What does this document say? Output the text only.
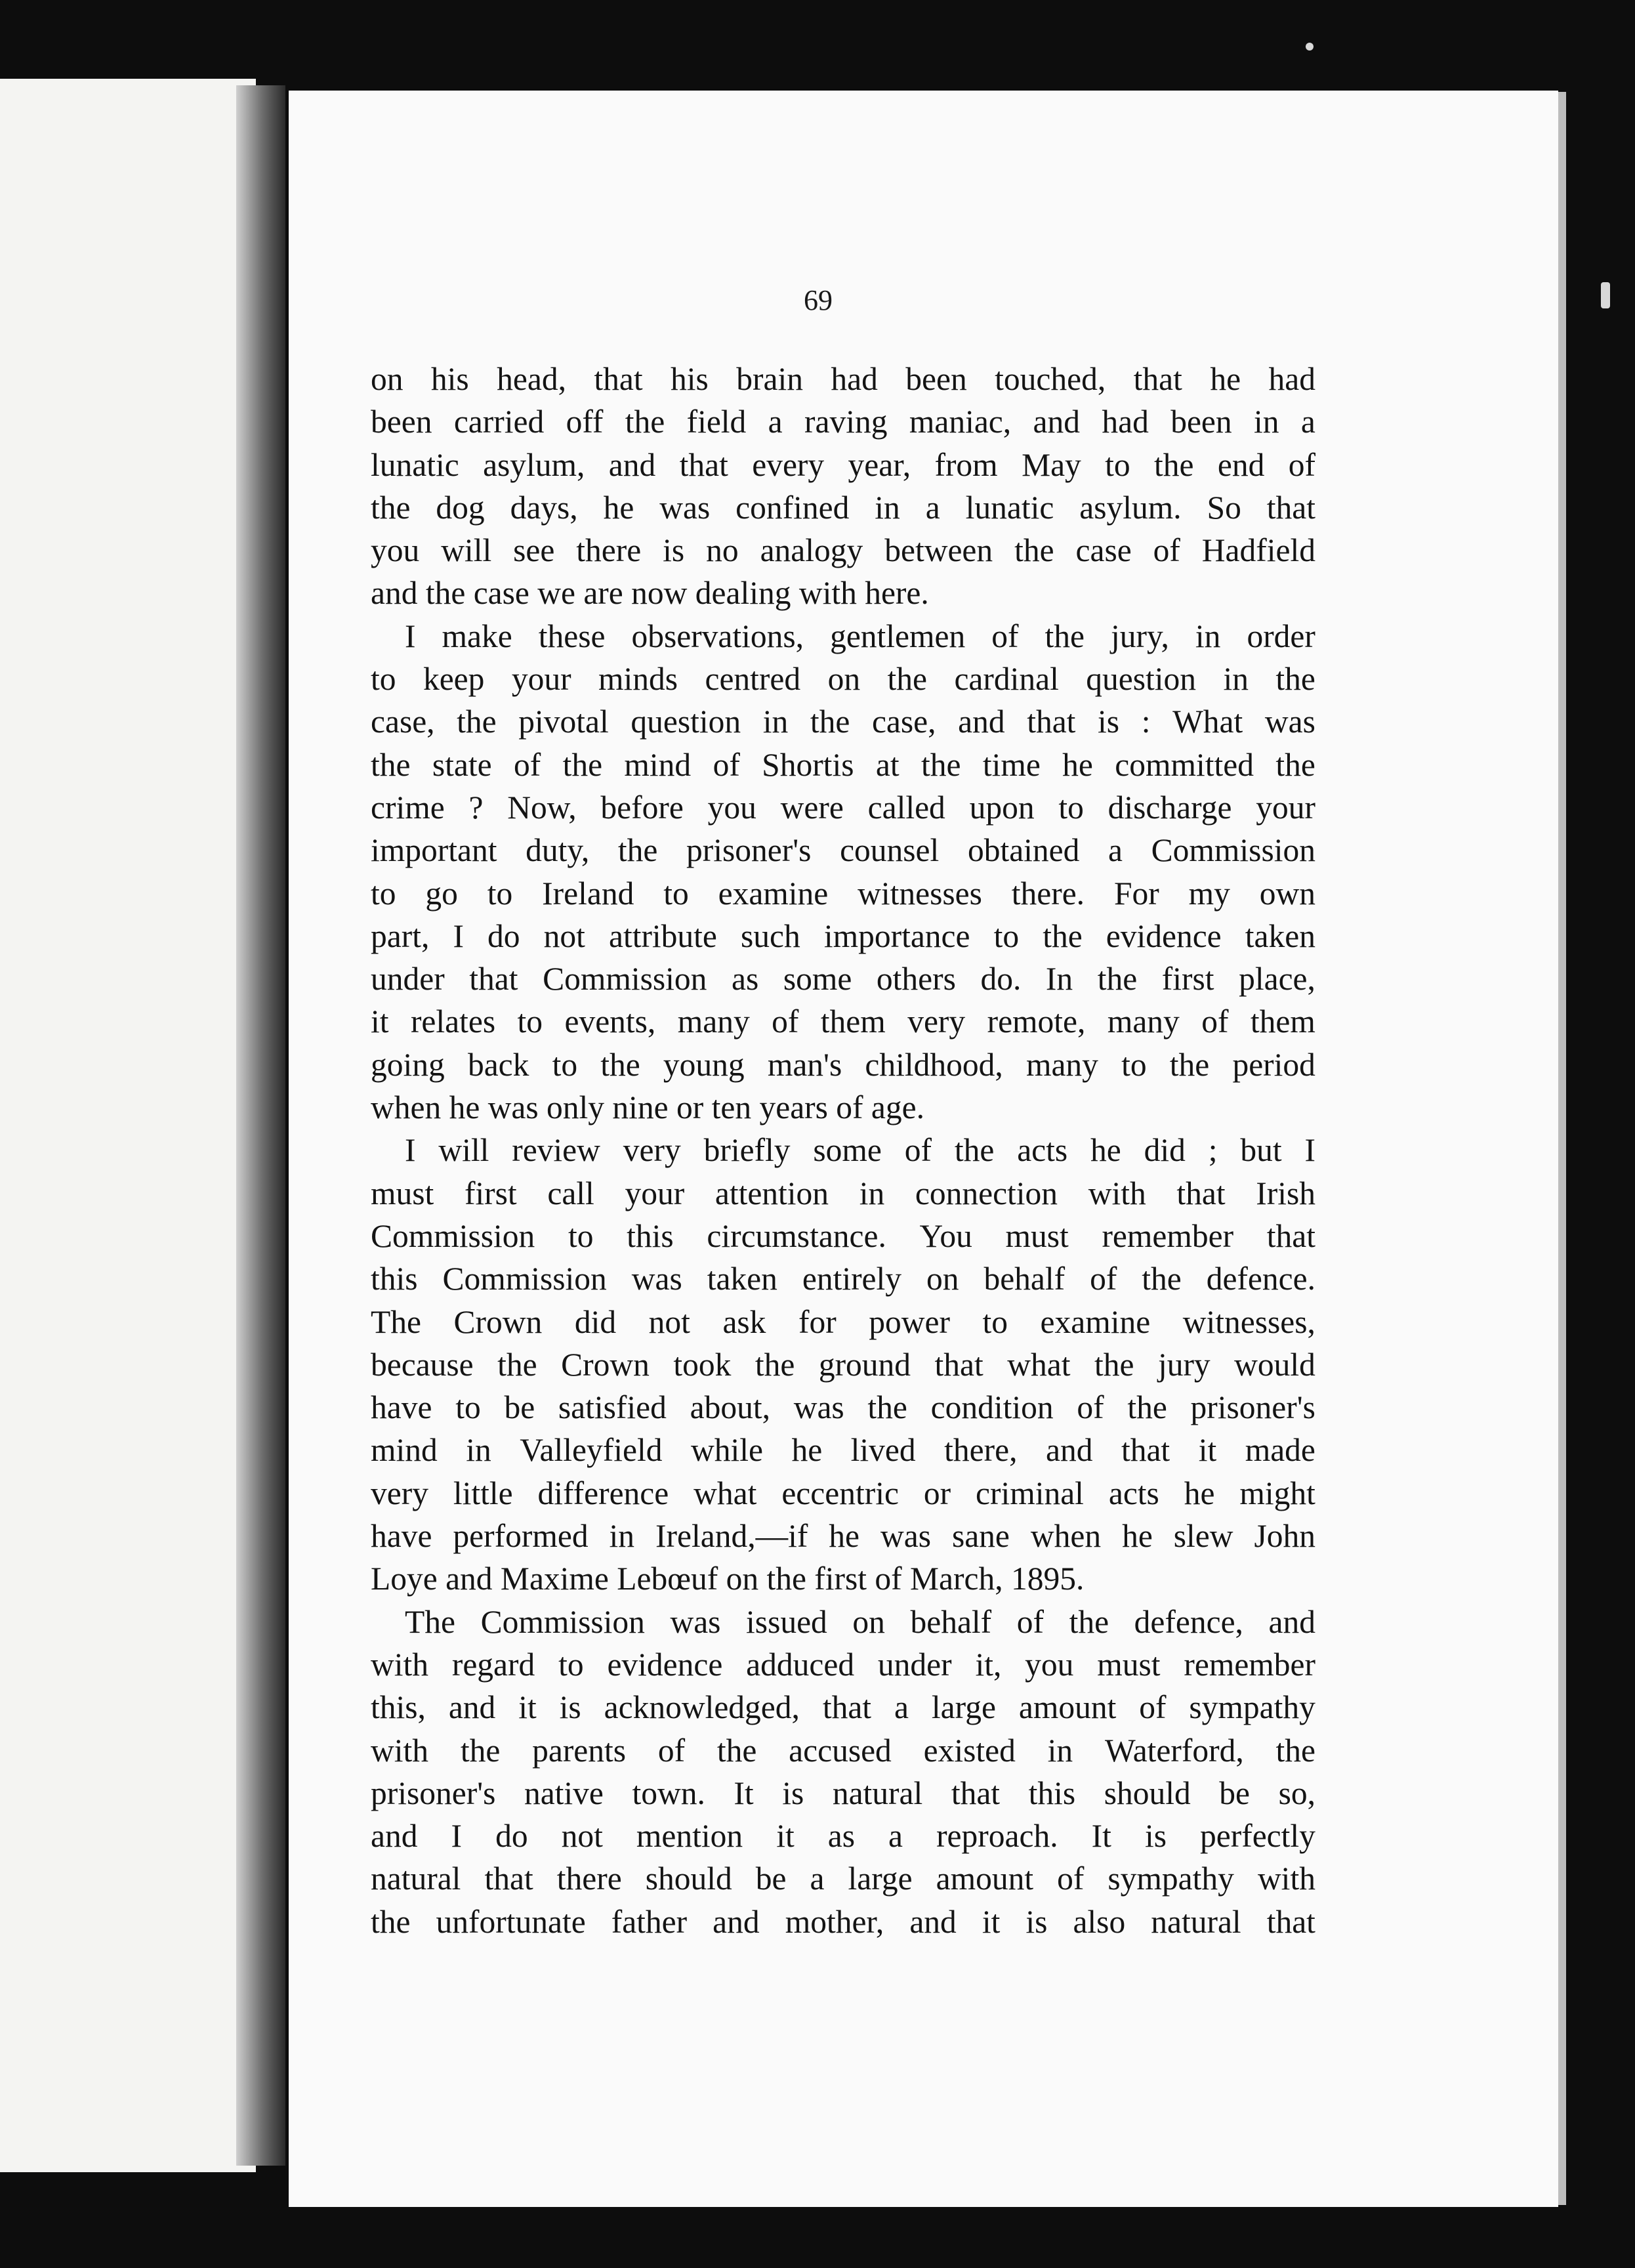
69
on his head, that his brain had been touched, that he had
been carried off the field a raving maniac, and had been in a
lunatic asylum, and that every year, from May to the end of
the dog days, he was confined in a lunatic asylum. So that
you will see there is no analogy between the case of Hadfield
and the case we are now dealing with here.
I make these observations, gentlemen of the jury, in order
to keep your minds centred on the cardinal question in the
case, the pivotal question in the case, and that is : What was
the state of the mind of Shortis at the time he committed the
crime ? Now, before you were called upon to discharge your
important duty, the prisoner's counsel obtained a Commission
to go to Ireland to examine witnesses there. For my own
part, I do not attribute such importance to the evidence taken
under that Commission as some others do. In the first place,
it relates to events, many of them very remote, many of them
going back to the young man's childhood, many to the period
when he was only nine or ten years of age.
I will review very briefly some of the acts he did ; but I
must first call your attention in connection with that Irish
Commission to this circumstance. You must remember that
this Commission was taken entirely on behalf of the defence.
The Crown did not ask for power to examine witnesses,
because the Crown took the ground that what the jury would
have to be satisfied about, was the condition of the prisoner's
mind in Valleyfield while he lived there, and that it made
very little difference what eccentric or criminal acts he might
have performed in Ireland,—if he was sane when he slew John
Loye and Maxime Lebœuf on the first of March, 1895.
The Commission was issued on behalf of the defence, and
with regard to evidence adduced under it, you must remember
this, and it is acknowledged, that a large amount of sympathy
with the parents of the accused existed in Waterford, the
prisoner's native town. It is natural that this should be so,
and I do not mention it as a reproach. It is perfectly
natural that there should be a large amount of sympathy with
the unfortunate father and mother, and it is also natural that
